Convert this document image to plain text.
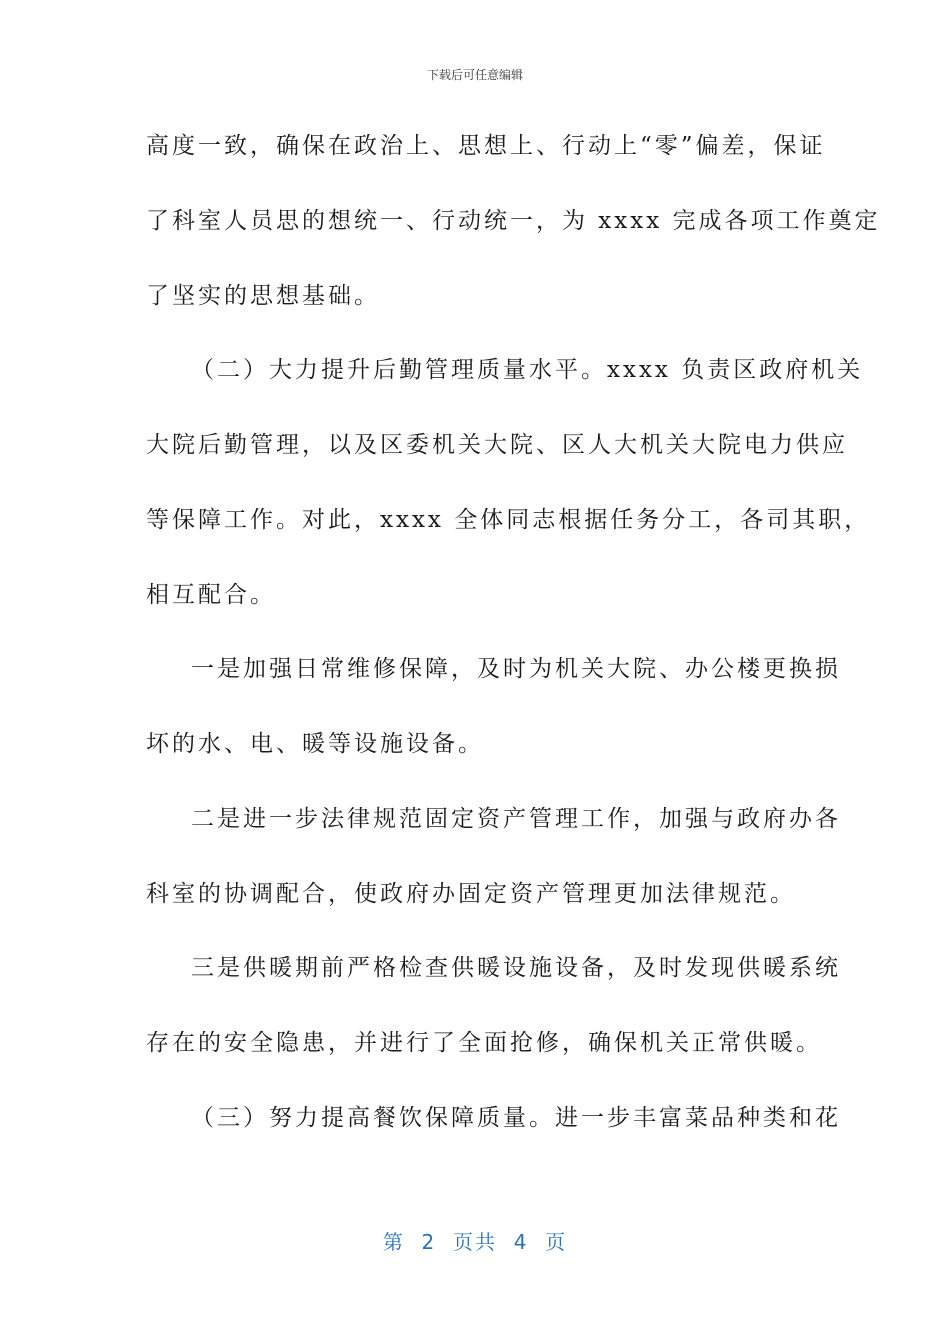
下载后可任意编辑
高度一致，确保在政治上、思想上、行动上“零”偏差，保证
了科室人员思的想统一、行动统一，为 xxxx 完成各项工作奠定
了坚实的思想基础。
（二）大力提升后勤管理质量水平。xxxx 负责区政府机关
大院后勤管理，以及区委机关大院、区人大机关大院电力供应
等保障工作。对此，xxxx 全体同志根据任务分工，各司其职，
相互配合。
一是加强日常维修保障，及时为机关大院、办公楼更换损
坏的水、电、暖等设施设备。
二是进一步法律规范固定资产管理工作，加强与政府办各
科室的协调配合，使政府办固定资产管理更加法律规范。
三是供暖期前严格检查供暖设施设备，及时发现供暖系统
存在的安全隐患，并进行了全面抢修，确保机关正常供暖。
（三）努力提高餐饮保障质量。进一步丰富菜品种类和花
第  2  页共  4  页
